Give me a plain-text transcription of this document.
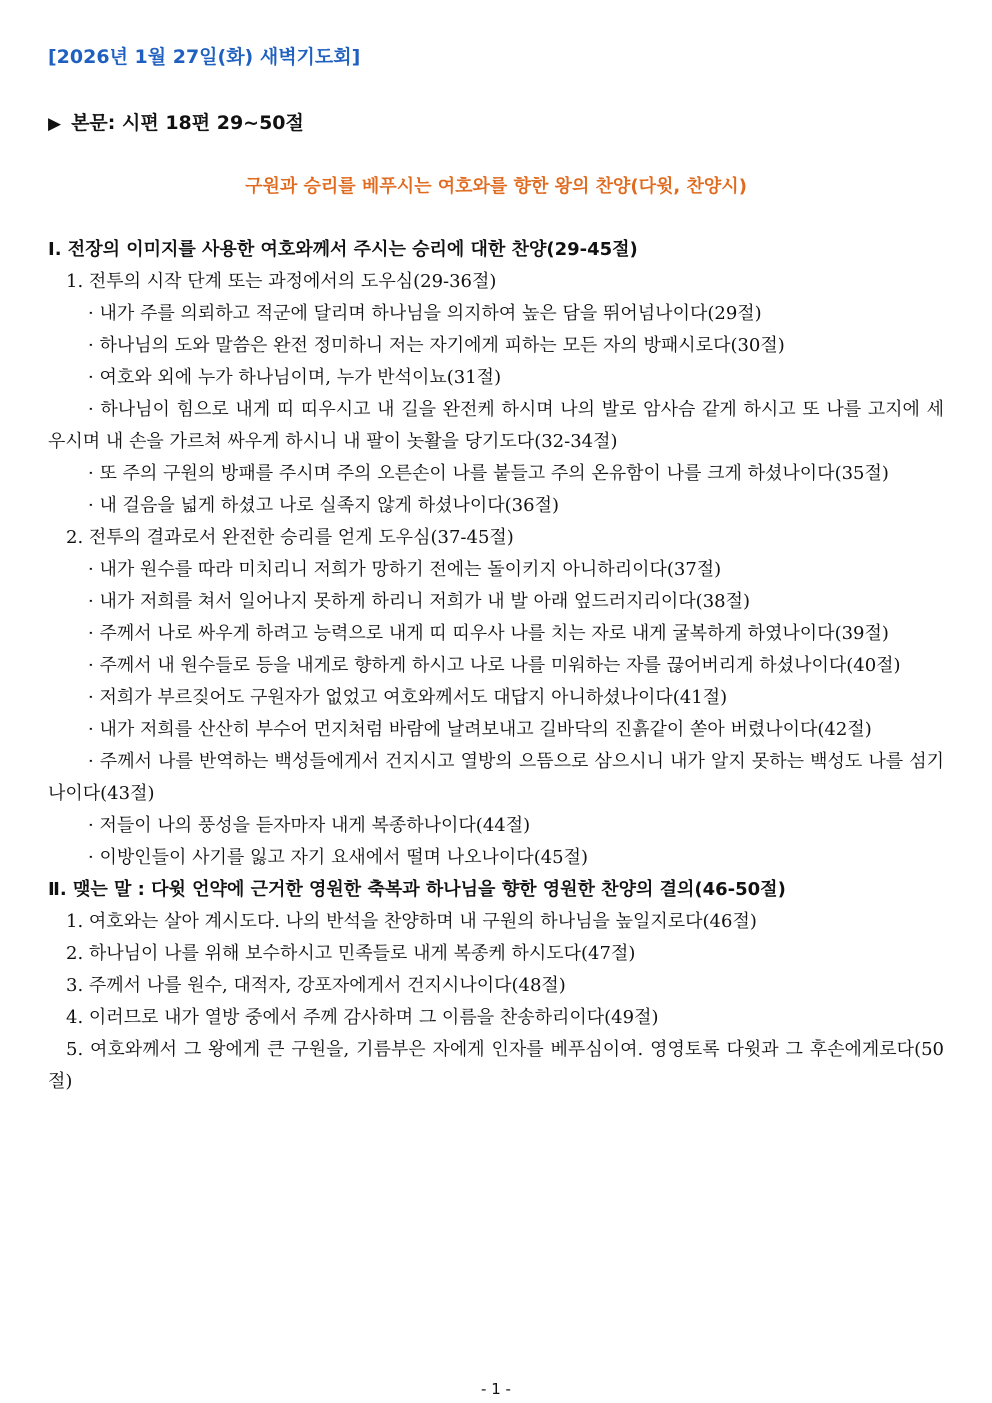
[2026년 1월 27일(화) 새벽기도회]
▶ 본문: 시편 18편 29~50절
구원과 승리를 베푸시는 여호와를 향한 왕의 찬양(다윗, 찬양시)
Ⅰ. 전장의 이미지를 사용한 여호와께서 주시는 승리에 대한 찬양(29-45절)
1. 전투의 시작 단계 또는 과정에서의 도우심(29-36절)
· 내가 주를 의뢰하고 적군에 달리며 하나님을 의지하여 높은 담을 뛰어넘나이다(29절)
· 하나님의 도와 말씀은 완전 정미하니 저는 자기에게 피하는 모든 자의 방패시로다(30절)
· 여호와 외에 누가 하나님이며, 누가 반석이뇨(31절)
· 하나님이 힘으로 내게 띠 띠우시고 내 길을 완전케 하시며 나의 발로 암사슴 같게 하시고 또 나를 고지에 세우시며 내 손을 가르쳐 싸우게 하시니 내 팔이 놋활을 당기도다(32-34절)
· 또 주의 구원의 방패를 주시며 주의 오른손이 나를 붙들고 주의 온유함이 나를 크게 하셨나이다(35절)
· 내 걸음을 넓게 하셨고 나로 실족지 않게 하셨나이다(36절)
2. 전투의 결과로서 완전한 승리를 얻게 도우심(37-45절)
· 내가 원수를 따라 미치리니 저희가 망하기 전에는 돌이키지 아니하리이다(37절)
· 내가 저희를 쳐서 일어나지 못하게 하리니 저희가 내 발 아래 엎드러지리이다(38절)
· 주께서 나로 싸우게 하려고 능력으로 내게 띠 띠우사 나를 치는 자로 내게 굴복하게 하였나이다(39절)
· 주께서 내 원수들로 등을 내게로 향하게 하시고 나로 나를 미워하는 자를 끊어버리게 하셨나이다(40절)
· 저희가 부르짖어도 구원자가 없었고 여호와께서도 대답지 아니하셨나이다(41절)
· 내가 저희를 산산히 부수어 먼지처럼 바람에 날려보내고 길바닥의 진흙같이 쏟아 버렸나이다(42절)
· 주께서 나를 반역하는 백성들에게서 건지시고 열방의 으뜸으로 삼으시니 내가 알지 못하는 백성도 나를 섬기나이다(43절)
· 저들이 나의 풍성을 듣자마자 내게 복종하나이다(44절)
· 이방인들이 사기를 잃고 자기 요새에서 떨며 나오나이다(45절)
Ⅱ. 맺는 말 : 다윗 언약에 근거한 영원한 축복과 하나님을 향한 영원한 찬양의 결의(46-50절)
1. 여호와는 살아 계시도다. 나의 반석을 찬양하며 내 구원의 하나님을 높일지로다(46절)
2. 하나님이 나를 위해 보수하시고 민족들로 내게 복종케 하시도다(47절)
3. 주께서 나를 원수, 대적자, 강포자에게서 건지시나이다(48절)
4. 이러므로 내가 열방 중에서 주께 감사하며 그 이름을 찬송하리이다(49절)
5. 여호와께서 그 왕에게 큰 구원을, 기름부은 자에게 인자를 베푸심이여. 영영토록 다윗과 그 후손에게로다(50절)
- 1 -
